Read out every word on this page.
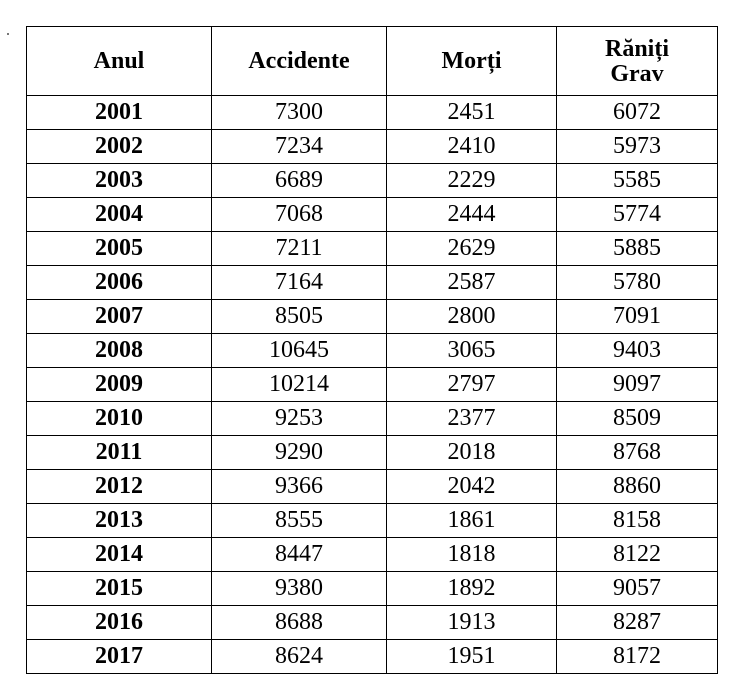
Anul	Accidente	Morți	Răniți Grav

2001	7300	2451	6072
2002	7234	2410	5973
2003	6689	2229	5585
2004	7068	2444	5774
2005	7211	2629	5885
2006	7164	2587	5780
2007	8505	2800	7091
2008	10645	3065	9403
2009	10214	2797	9097
2010	9253	2377	8509
2011	9290	2018	8768
2012	9366	2042	8860
2013	8555	1861	8158
2014	8447	1818	8122
2015	9380	1892	9057
2016	8688	1913	8287
2017	8624	1951	8172
